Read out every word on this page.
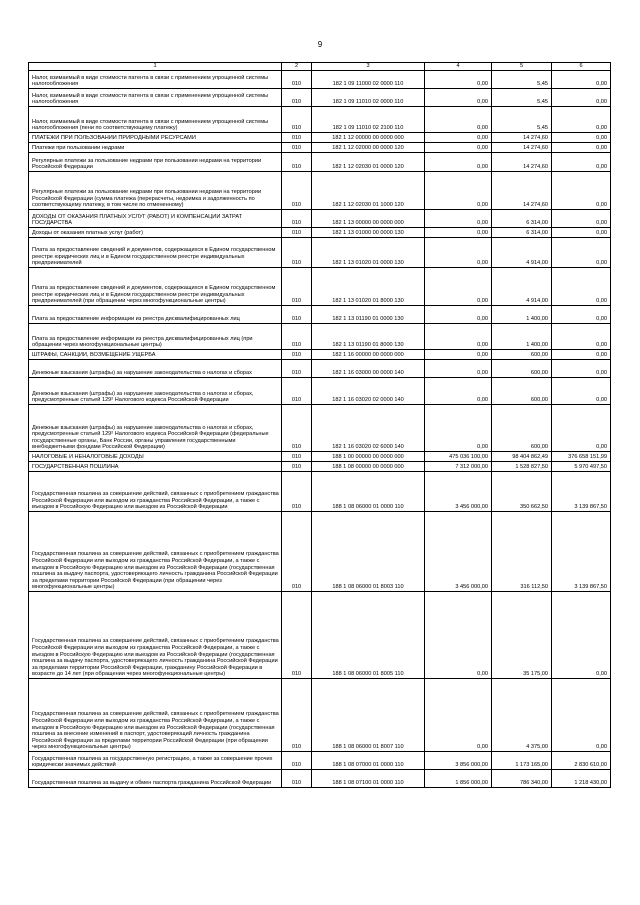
9
1	2	3	4	5	6
Налог, взимаемый в виде стоимости патента в связи с применением упрощенной системы налогообложения	010	182 1 09 11000 02 0000 110	0,00	5,45	0,00
Налог, взимаемый в виде стоимости патента в связи с применением упрощенной системы налогообложения	010	182 1 09 11010 02 0000 110	0,00	5,45	0,00
Налог, взимаемый в виде стоимости патента в связи с применением упрощенной системы налогообложения (пени по соответствующему платежу)	010	182 1 09 11010 02 2100 110	0,00	5,45	0,00
ПЛАТЕЖИ ПРИ ПОЛЬЗОВАНИИ ПРИРОДНЫМИ РЕСУРСАМИ	010	182 1 12 00000 00 0000 000	0,00	14 274,60	0,00
Платежи при пользовании недрами	010	182 1 12 02000 00 0000 120	0,00	14 274,60	0,00
Регулярные платежи за пользование недрами при пользовании недрами на территории Российской Федерации	010	182 1 12 02030 01 0000 120	0,00	14 274,60	0,00
Регулярные платежи за пользование недрами при пользовании недрами на территории Российской Федерации (сумма платежа (перерасчеты, недоимка и задолженность по соответствующему платежу, в том числе по отмененному)	010	182 1 12 02030 01 1000 120	0,00	14 274,60	0,00
ДОХОДЫ ОТ ОКАЗАНИЯ ПЛАТНЫХ УСЛУГ (РАБОТ) И КОМПЕНСАЦИИ ЗАТРАТ ГОСУДАРСТВА	010	182 1 13 00000 00 0000 000	0,00	6 314,00	0,00
Доходы от оказания платных услуг (работ)	010	182 1 13 01000 00 0000 130	0,00	6 314,00	0,00
Плата за предоставление сведений и документов, содержащихся в Едином государственном реестре юридических лиц и в Едином государственном реестре индивидуальных предпринимателей	010	182 1 13 01020 01 0000 130	0,00	4 914,00	0,00
Плата за предоставление сведений и документов, содержащихся в Едином государственном реестре юридических лиц и в Едином государственном реестре индивидуальных предпринимателей (при обращении через многофункциональные центры)	010	182 1 13 01020 01 8000 130	0,00	4 914,00	0,00
Плата за предоставление информации из реестра дисквалифицированных лиц	010	182 1 13 01190 01 0000 130	0,00	1 400,00	0,00
Плата за предоставление информации из реестра дисквалифицированных лиц (при обращении через многофункциональные центры)	010	182 1 13 01190 01 8000 130	0,00	1 400,00	0,00
ШТРАФЫ, САНКЦИИ, ВОЗМЕЩЕНИЕ УЩЕРБА	010	182 1 16 00000 00 0000 000	0,00	600,00	0,00
Денежные взыскания (штрафы) за нарушение законодательства о налогах и сборах	010	182 1 16 03000 00 0000 140	0,00	600,00	0,00
Денежные взыскания (штрафы) за нарушение законодательства о налогах и сборах, предусмотренные статьей 129² Налогового кодекса Российской Федерации	010	182 1 16 03020 02 0000 140	0,00	600,00	0,00
Денежные взыскания (штрафы) за нарушение законодательства о налогах и сборах, предусмотренные статьей 129² Налогового кодекса Российской Федерации (федеральные государственные органы, Банк России, органы управления государственными внебюджетными фондами Российской Федерации)	010	182 1 16 03020 02 6000 140	0,00	600,00	0,00
НАЛОГОВЫЕ И НЕНАЛОГОВЫЕ ДОХОДЫ	010	188 1 00 00000 00 0000 000	475 036 100,00	98 404 862,49	376 658 151,99
ГОСУДАРСТВЕННАЯ ПОШЛИНА	010	188 1 08 00000 00 0000 000	7 312 000,00	1 528 827,50	5 970 497,50
Государственная пошлина за совершение действий, связанных с приобретением гражданства Российской Федерации или выходом из гражданства Российской Федерации, а также с въездом в Российскую Федерацию или выездом из Российской Федерации	010	188 1 08 06000 01 0000 110	3 456 000,00	350 662,50	3 139 867,50
Государственная пошлина за совершение действий, связанных с приобретением гражданства Российской Федерации или выходом из гражданства Российской Федерации, а также с въездом в Российскую Федерацию или выездом из Российской Федерации (государственная пошлина за выдачу паспорта, удостоверяющего личность гражданина Российской Федерации за пределами территории Российской Федерации (при обращении через многофункциональные центры)	010	188 1 08 06000 01 8003 110	3 456 000,00	316 112,50	3 139 867,50
Государственная пошлина за совершение действий, связанных с приобретением гражданства Российской Федерации или выходом из гражданства Российской Федерации, а также с въездом в Российскую Федерацию или выездом из Российской Федерации (государственная пошлина за выдачу паспорта, удостоверяющего личность гражданина Российской Федерации за пределами территории Российской Федерации, гражданину Российской Федерации в возрасте до 14 лет (при обращении через многофункциональные центры)	010	188 1 08 06000 01 8005 110	0,00	35 175,00	0,00
Государственная пошлина за совершение действий, связанных с приобретением гражданства Российской Федерации или выходом из гражданства Российской Федерации, а также с въездом в Российскую Федерацию или выездом из Российской Федерации (государственная пошлина за внесение изменений в паспорт, удостоверяющий личность гражданина Российской Федерации за пределами территории Российской Федерации (при обращении через многофункциональные центры)	010	188 1 08 06000 01 8007 110	0,00	4 375,00	0,00
Государственная пошлина за государственную регистрацию, а также за совершение прочих юридически значимых действий	010	188 1 08 07000 01 0000 110	3 856 000,00	1 173 165,00	2 830 610,00
Государственная пошлина за выдачу и обмен паспорта гражданина Российской Федерации	010	188 1 08 07100 01 0000 110	1 856 000,00	786 340,00	1 218 430,00
